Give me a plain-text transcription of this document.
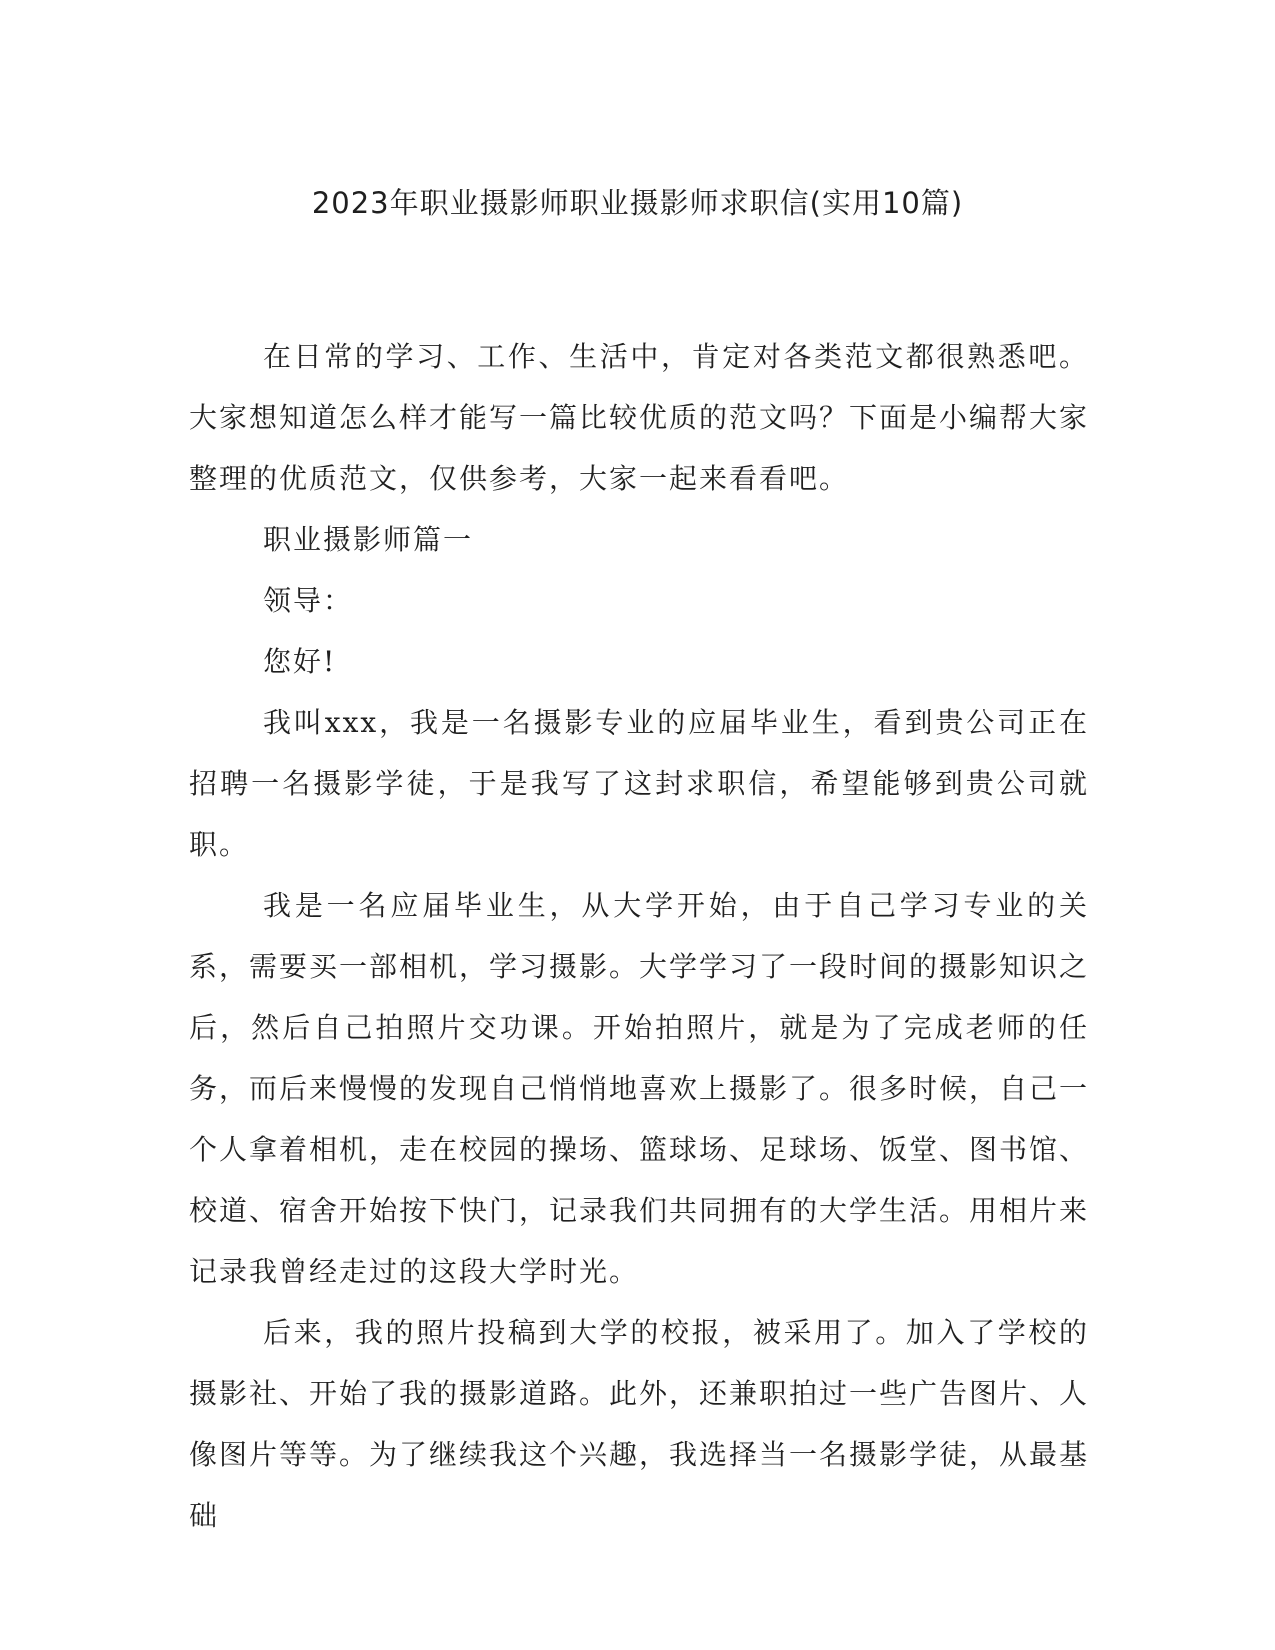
2023年职业摄影师职业摄影师求职信(实用10篇)

在日常的学习、工作、生活中，肯定对各类范文都很熟悉吧。大家想知道怎么样才能写一篇比较优质的范文吗？下面是小编帮大家整理的优质范文，仅供参考，大家一起来看看吧。

职业摄影师篇一

领导：

您好!

我叫xxx，我是一名摄影专业的应届毕业生，看到贵公司正在招聘一名摄影学徒，于是我写了这封求职信，希望能够到贵公司就职。

我是一名应届毕业生，从大学开始，由于自己学习专业的关系，需要买一部相机，学习摄影。大学学习了一段时间的摄影知识之后，然后自己拍照片交功课。开始拍照片，就是为了完成老师的任务，而后来慢慢的发现自己悄悄地喜欢上摄影了。很多时候，自己一个人拿着相机，走在校园的操场、篮球场、足球场、饭堂、图书馆、校道、宿舍开始按下快门，记录我们共同拥有的大学生活。用相片来记录我曾经走过的这段大学时光。

后来，我的照片投稿到大学的校报，被采用了。加入了学校的摄影社、开始了我的摄影道路。此外，还兼职拍过一些广告图片、人像图片等等。为了继续我这个兴趣，我选择当一名摄影学徒，从最基础
